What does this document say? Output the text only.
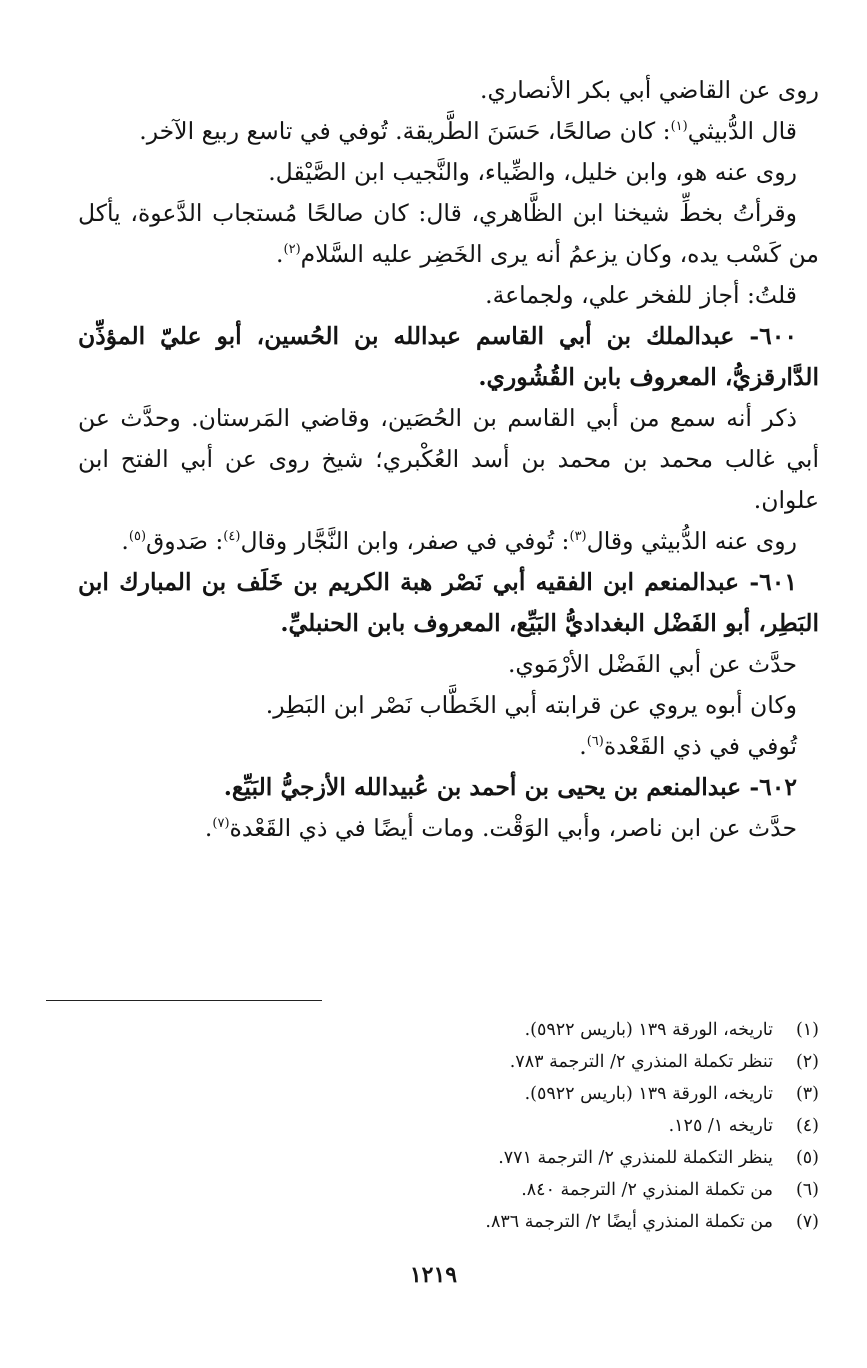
روى عن القاضي أبي بكر الأنصاري.

قال الدُّبيثي$^{(١)}$: كان صالحًا، حَسَنَ الطَّريقة. تُوفي في تاسع ربيع الآخر.

روى عنه هو، وابن خليل، والضِّياء، والنَّجيب ابن الصَّيْقل.

وقرأتُ بخطِّ شيخنا ابن الظَّاهري، قال: كان صالحًا مُستجاب الدَّعوة، يأكل من كَسْب يده، وكان يزعمُ أنه يرى الخَضِر عليه السَّلام$^{(٢)}$.

قلتُ: أجاز للفخر علي، ولجماعة.

٦٠٠- عبدالملك بن أبي القاسم عبدالله بن الحُسين، أبو عليّ المؤذِّن الدَّارقزيُّ، المعروف بابن القُشُوري.

ذكر أنه سمع من أبي القاسم بن الحُصَين، وقاضي المَرستان. وحدَّث عن أبي غالب محمد بن محمد بن أسد العُكْبري؛ شيخ روى عن أبي الفتح ابن علوان.

روى عنه الدُّبيثي وقال$^{(٣)}$: تُوفي في صفر، وابن النَّجَّار وقال$^{(٤)}$: صَدوق$^{(٥)}$.

٦٠١- عبدالمنعم ابن الفقيه أبي نَصْر هبة الكريم بن خَلَف بن المبارك ابن البَطِر، أبو الفَضْل البغداديُّ البَيِّع، المعروف بابن الحنبليِّ.

حدَّث عن أبي الفَضْل الأرْمَوي.

وكان أبوه يروي عن قرابته أبي الخَطَّاب نَصْر ابن البَطِر.

تُوفي في ذي القَعْدة$^{(٦)}$.

٦٠٢- عبدالمنعم بن يحيى بن أحمد بن عُبيدالله الأزجيُّ البَيِّع.

حدَّث عن ابن ناصر، وأبي الوَقْت. ومات أيضًا في ذي القَعْدة$^{(٧)}$.

(١)
تاريخه، الورقة ١٣٩ (باريس ٥٩٢٢).
(٢)
تنظر تكملة المنذري ٢/ الترجمة ٧٨٣.
(٣)
تاريخه، الورقة ١٣٩ (باريس ٥٩٢٢).
(٤)
تاريخه ١/ ١٢٥.
(٥)
ينظر التكملة للمنذري ٢/ الترجمة ٧٧١.
(٦)
من تكملة المنذري ٢/ الترجمة ٨٤٠.
(٧)
من تكملة المنذري أيضًا ٢/ الترجمة ٨٣٦.
١٢١٩
